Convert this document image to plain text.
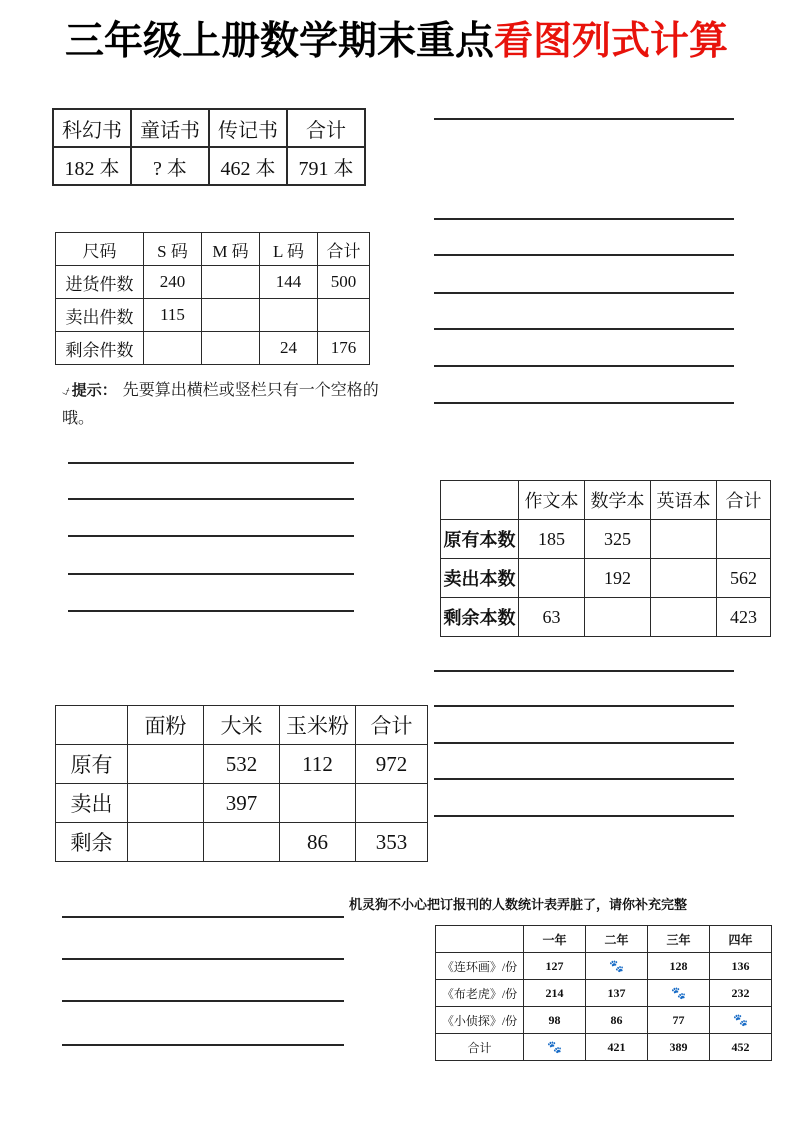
三年级上册数学期末重点看图列式计算
科幻书	童话书	传记书	合计
182 本	? 本	462 本	791 本
尺码	S 码	M 码	L 码	合计
进货件数	240		144	500
卖出件数	115			
剩余件数			24	176
⍻ 提示： 先要算出横栏或竖栏只有一个空格的哦。
	作文本	数学本	英语本	合计
原有本数	185	325		
卖出本数		192		562
剩余本数	63			423
	面粉	大米	玉米粉	合计
原有		532	112	972
卖出		397		
剩余			86	353
机灵狗不小心把订报刊的人数统计表弄脏了，请你补充完整
	一年	二年	三年	四年
《连环画》/份	127	🐾	128	136
《布老虎》/份	214	137	🐾	232
《小侦探》/份	98	86	77	🐾
合计	🐾	421	389	452
